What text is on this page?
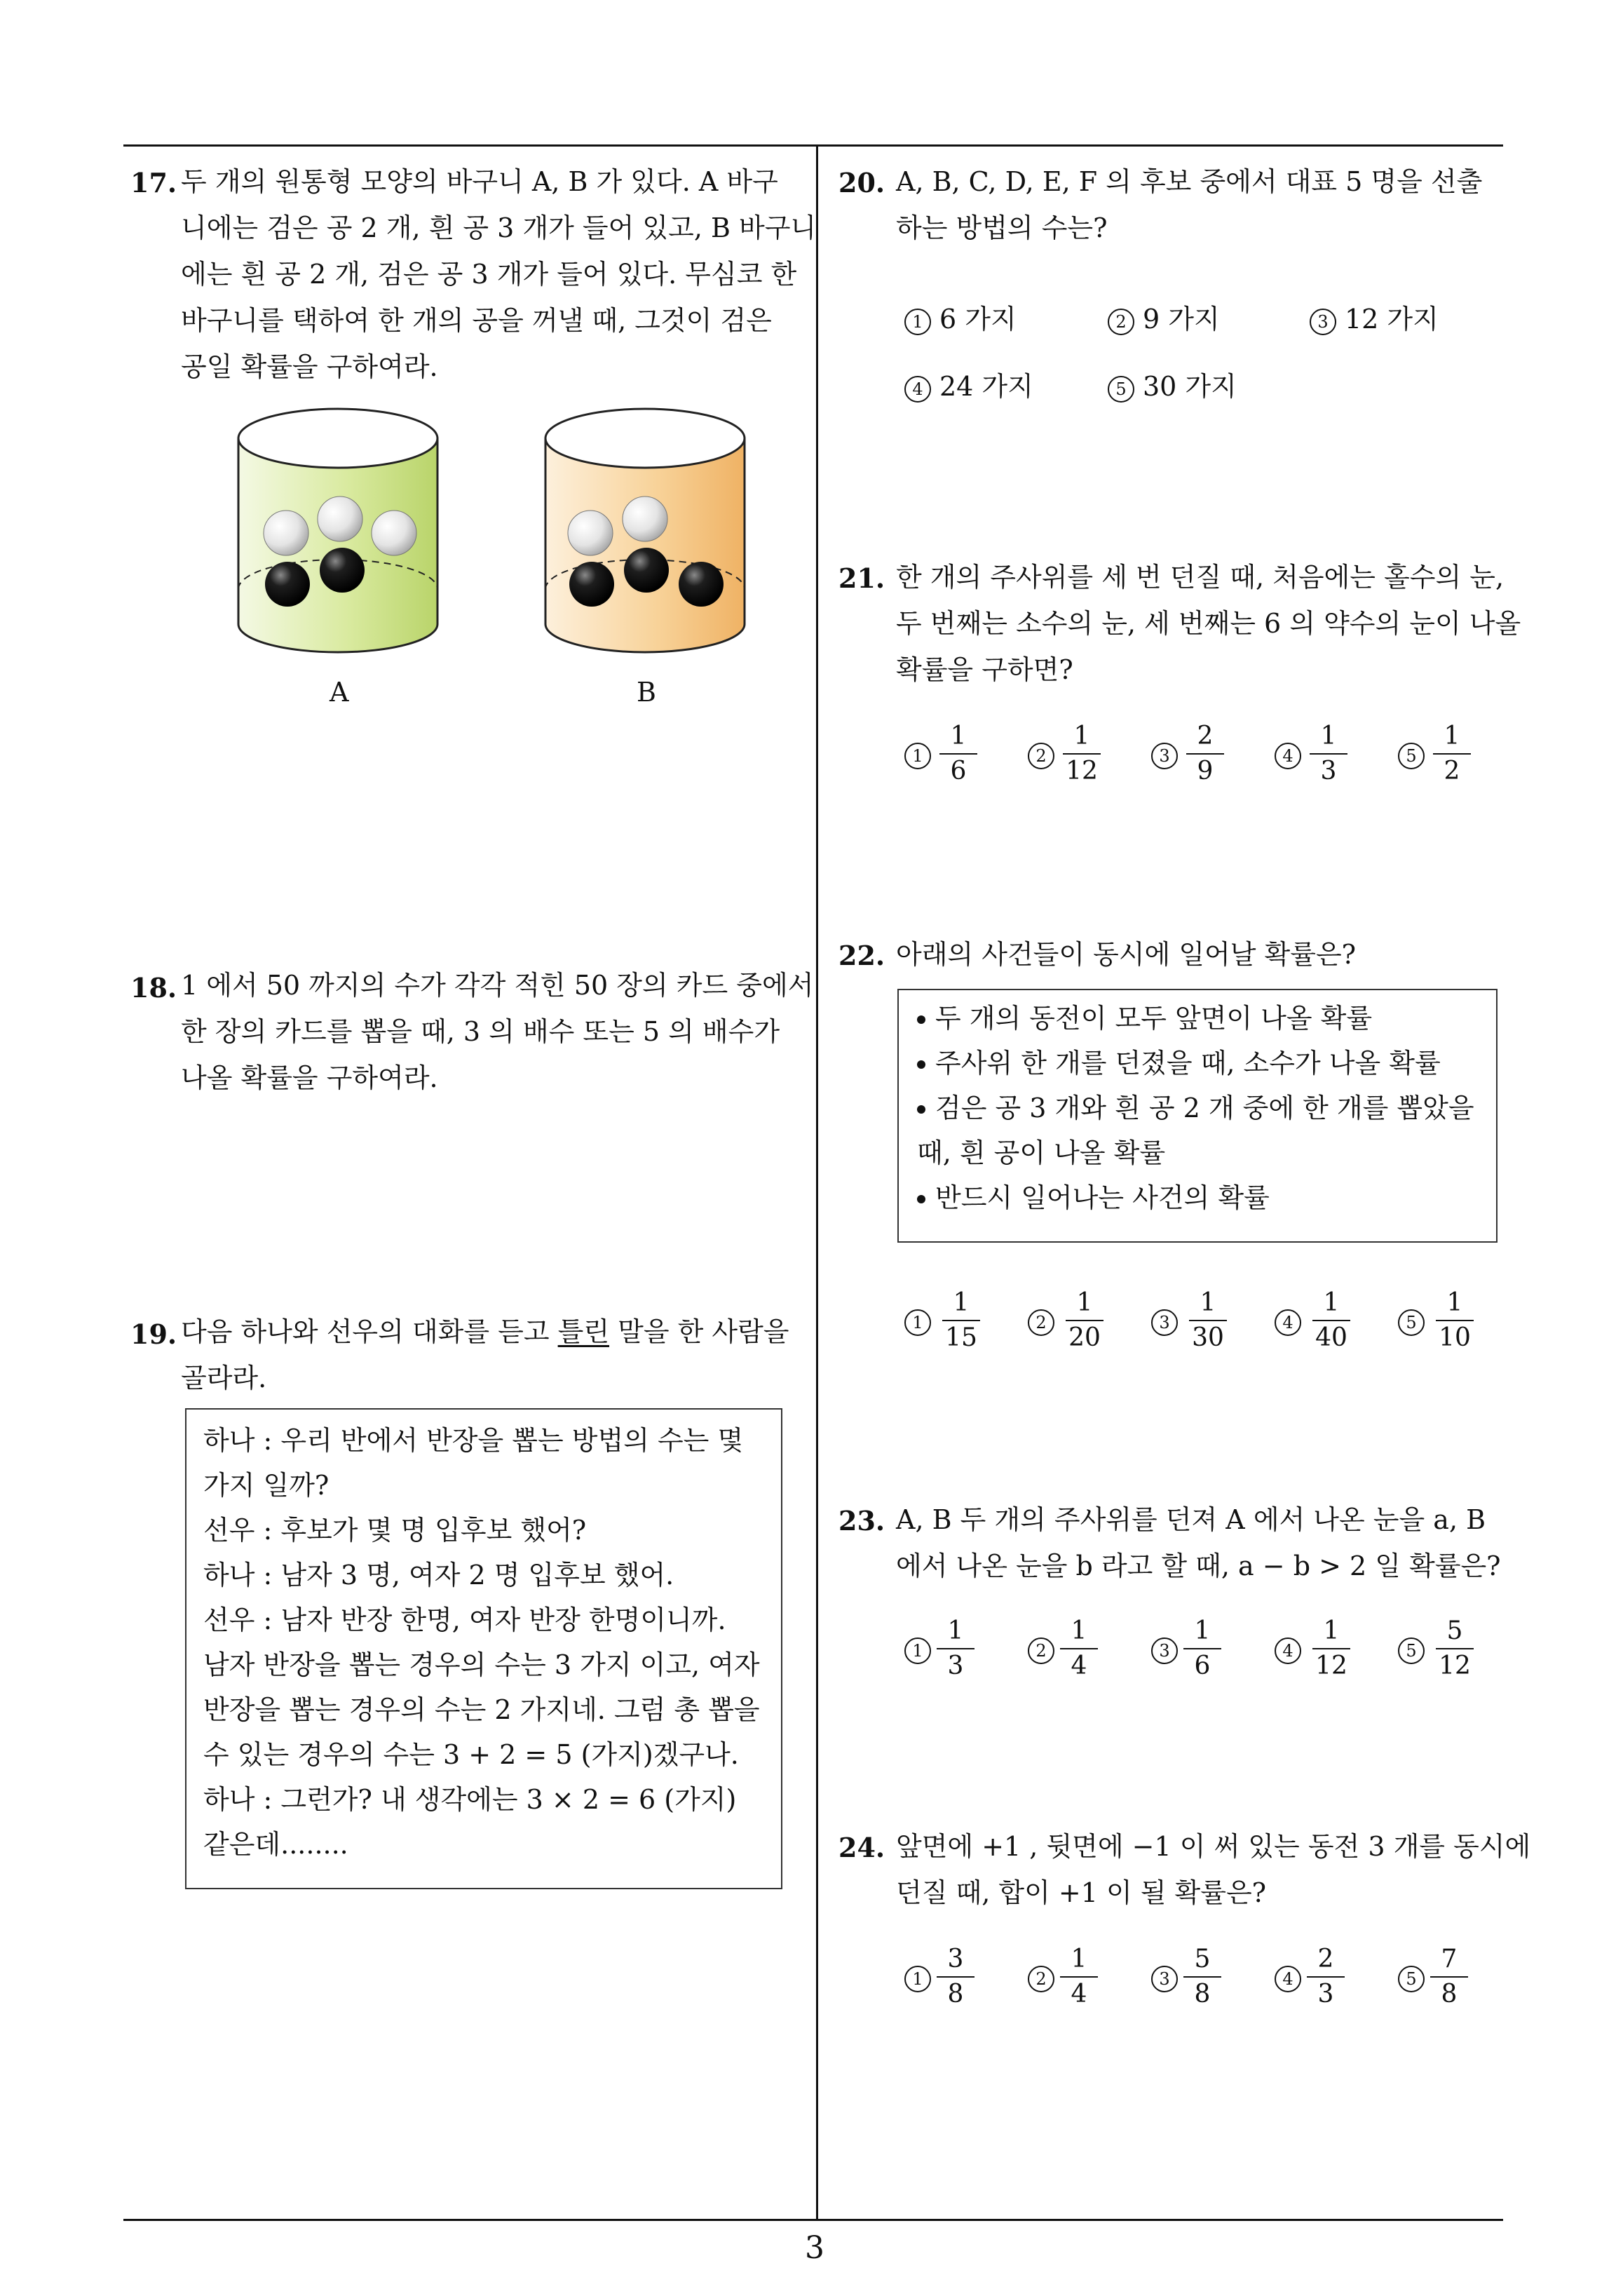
3
17. 두 개의 원통형 모양의 바구니 A, B 가 있다. A 바구
니에는 검은 공 2 개, 흰 공 3 개가 들어 있고, B 바구니
에는 흰 공 2 개, 검은 공 3 개가 들어 있다. 무심코 한
바구니를 택하여 한 개의 공을 꺼낼 때, 그것이 검은
공일 확률을 구하여라.
A	B
18. 1 에서 50 까지의 수가 각각 적힌 50 장의 카드 중에서
한 장의 카드를 뽑을 때, 3 의 배수 또는 5 의 배수가
나올 확률을 구하여라.
19. 다음 하나와 선우의 대화를 듣고 틀린 말을 한 사람을
골라라.
하나 : 우리 반에서 반장을 뽑는 방법의 수는 몇
가지 일까?
선우 : 후보가 몇 명 입후보 했어?
하나 : 남자 3 명, 여자 2 명 입후보 했어.
선우 : 남자 반장 한명, 여자 반장 한명이니까.
남자 반장을 뽑는 경우의 수는 3 가지 이고, 여자
반장을 뽑는 경우의 수는 2 가지네. 그럼 총 뽑을
수 있는 경우의 수는 3 + 2 = 5 (가지)겠구나.
하나 : 그런가? 내 생각에는 3 × 2 = 6 (가지)
같은데........
20. A, B, C, D, E, F 의 후보 중에서 대표 5 명을 선출
하는 방법의 수는?
1 6 가지	2 9 가지	3 12 가지
4 24 가지	5 30 가지
21. 한 개의 주사위를 세 번 던질 때, 처음에는 홀수의 눈,
두 번째는 소수의 눈, 세 번째는 6 의 약수의 눈이 나올
확률을 구하면?
1
1
6
2
1
12
3
2
9
4
1
3
5
1
2
22. 아래의 사건들이 동시에 일어날 확률은?
두 개의 동전이 모두 앞면이 나올 확률
주사위 한 개를 던졌을 때, 소수가 나올 확률
검은 공 3 개와 흰 공 2 개 중에 한 개를 뽑았을
때, 흰 공이 나올 확률
반드시 일어나는 사건의 확률
1
1
15
2
1
20
3
1
30
4
1
40
5
1
10
23. A, B 두 개의 주사위를 던져 A 에서 나온 눈을 a, B
에서 나온 눈을 b 라고 할 때, a − b > 2 일 확률은?
1
1
3
2
1
4
3
1
6
4
1
12
5
5
12
24. 앞면에 +1 , 뒷면에 −1 이 써 있는 동전 3 개를 동시에
던질 때, 합이 +1 이 될 확률은?
1
3
8
2
1
4
3
5
8
4
2
3
5
7
8
